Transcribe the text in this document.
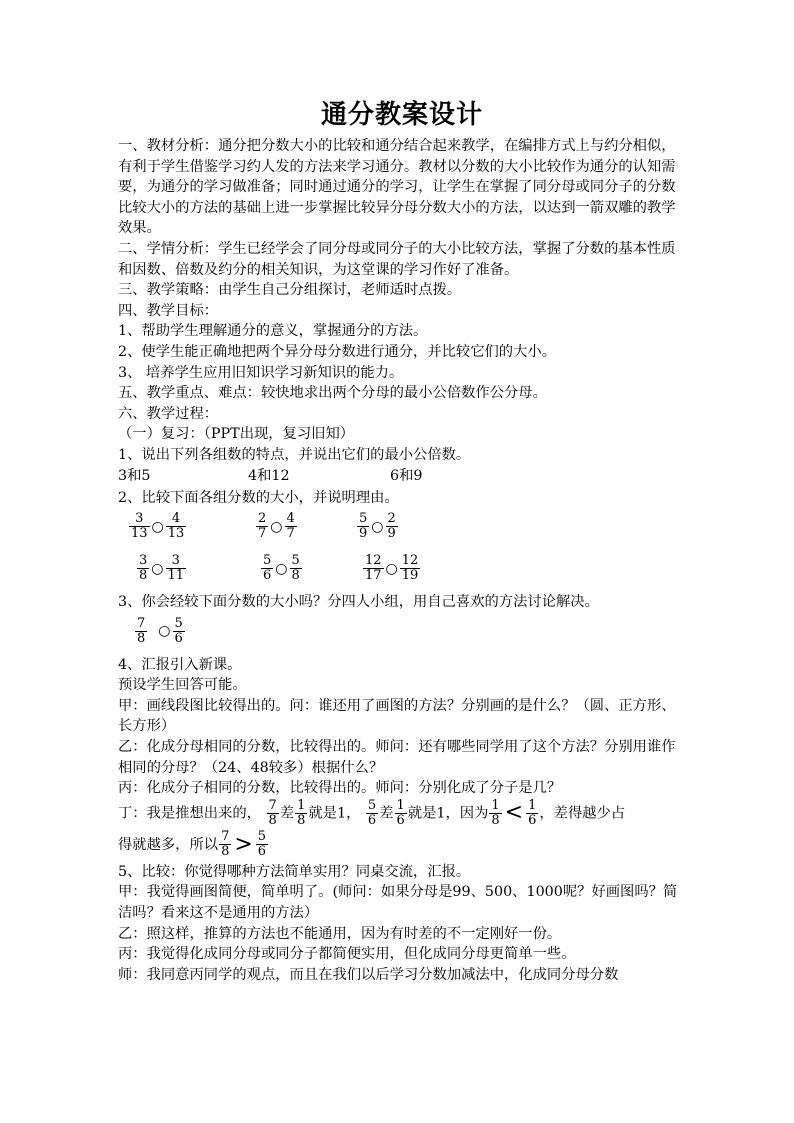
通分教案设计

一、教材分析：通分把分数大小的比较和通分结合起来教学，在编排方式上与约分相似，有利于学生借鉴学习约人发的方法来学习通分。教材以分数的大小比较作为通分的认知需要，为通分的学习做准备；同时通过通分的学习，让学生在掌握了同分母或同分子的分数比较大小的方法的基础上进一步掌握比较异分母分数大小的方法，以达到一箭双雕的教学效果。

二、学情分析：学生已经学会了同分母或同分子的大小比较方法，掌握了分数的基本性质和因数、倍数及约分的相关知识，为这堂课的学习作好了准备。

三、教学策略：由学生自己分组探讨，老师适时点拨。

四、教学目标：

1、帮助学生理解通分的意义，掌握通分的方法。

2、使学生能正确地把两个异分母分数进行通分，并比较它们的大小。

3、 培养学生应用旧知识学习新知识的能力。

五、教学重点、难点：较快地求出两个分母的最小公倍数作公分母。

六、教学过程：

（一）复习：（PPT出现，复习旧知）

1、说出下列各组数的特点，并说出它们的最小公倍数。

3和5	4和12	6和9

2、比较下面各组分数的大小，并说明理由。

$\frac{3}{13}$ ○ $\frac{4}{13}$	$\frac{2}{7}$ ○ $\frac{4}{7}$	$\frac{5}{9}$ ○ $\frac{2}{9}$
$\frac{3}{8}$ ○ $\frac{3}{11}$	$\frac{5}{6}$ ○ $\frac{5}{8}$	$\frac{12}{17}$ ○ $\frac{12}{19}$

3、你会经较下面分数的大小吗？分四人小组，用自己喜欢的方法讨论解决。

$\frac{7}{8}$ ○ $\frac{5}{6}$

4、汇报引入新课。

预设学生回答可能。

甲：画线段图比较得出的。问：谁还用了画图的方法？分别画的是什么？（圆、正方形、长方形）

乙：化成分母相同的分数，比较得出的。师问：还有哪些同学用了这个方法？分别用谁作相同的分母？（24、48较多）根据什么？

丙：化成分子相同的分数，比较得出的。师问：分别化成了分子是几？

丁：我是推想出来的， $\frac{7}{8}$ 差 $\frac{1}{8}$ 就是1， $\frac{5}{6}$ 差 $\frac{1}{6}$ 就是1，因为 $\frac{1}{8} < \frac{1}{6}$ ，差得越少占

得就越多，所以 $\frac{7}{8} > \frac{5}{6}$

5、比较：你觉得哪种方法简单实用？同桌交流，汇报。

甲：我觉得画图简便，简单明了。(师问：如果分母是99、500、1000呢？好画图吗？简洁吗？看来这不是通用的方法）

乙：照这样，推算的方法也不能通用，因为有时差的不一定刚好一份。

丙：我觉得化成同分母或同分子都简便实用，但化成同分母更简单一些。

师：我同意丙同学的观点，而且在我们以后学习分数加减法中，化成同分母分数
